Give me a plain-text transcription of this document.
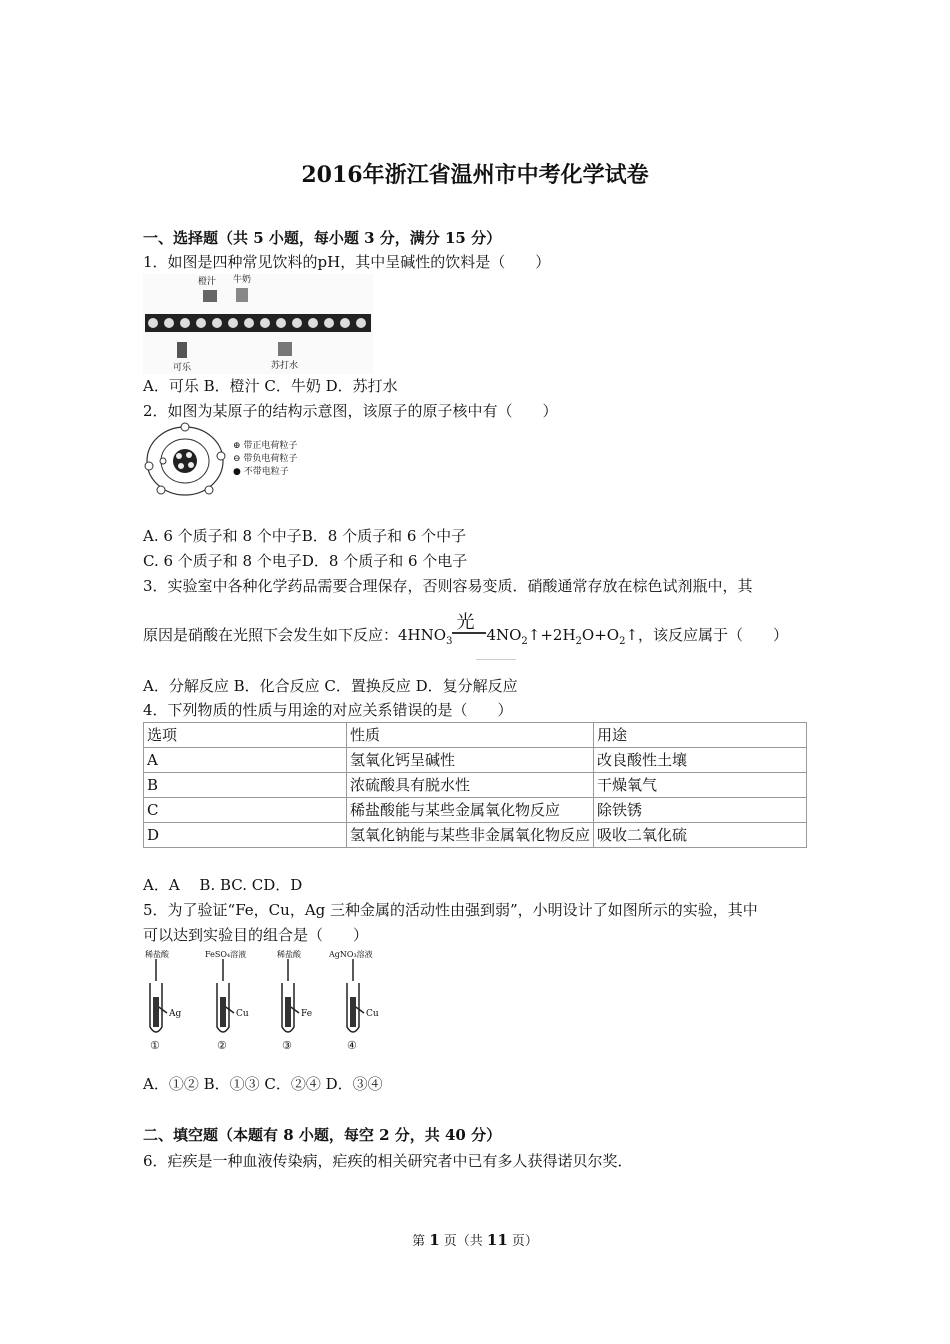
2016年浙江省温州市中考化学试卷
一、选择题（共 5 小题，每小题 3 分，满分 15 分）
1．如图是四种常见饮料的pH，其中呈碱性的饮料是（　　）
橙汁 牛奶
可乐	苏打水
A．可乐 B．橙汁 C．牛奶 D．苏打水
2．如图为某原子的结构示意图，该原子的原子核中有（　　）
⊕ 带正电荷粒子
⊖ 带负电荷粒子
● 不带电粒子
A. 6 个质子和 8 个中子B．8 个质子和 6 个中子
C. 6 个质子和 8 个电子D．8 个质子和 6 个电子
3．实验室中各种化学药品需要合理保存，否则容易变质．硝酸通常存放在棕色试剂瓶中，其
原因是硝酸在光照下会发生如下反应：$4HNO_3$
光
$4NO_2↑+2H_2O+O_2↑$，该反应属于（　　）
A．分解反应 B．化合反应 C．置换反应 D．复分解反应
4．下列物质的性质与用途的对应关系错误的是（　　）
选项	性质	用途
A	氢氧化钙呈碱性	改良酸性土壤
B	浓硫酸具有脱水性	干燥氧气
C	稀盐酸能与某些金属氧化物反应	除铁锈
D	氢氧化钠能与某些非金属氧化物反应	吸收二氧化硫
A．A　 B. BC. CD．D
5．为了验证“Fe，Cu，Ag 三种金属的活动性由强到弱”，小明设计了如图所示的实验，其中
可以达到实验目的组合是（　　）
稀盐酸	FeSO₄溶液	稀盐酸	AgNO₃溶液
Ag	Cu	Fe	Cu
①	②	③	④
A．①② B．①③ C．②④ D．③④
二、填空题（本题有 8 小题，每空 2 分，共 40 分）
6．疟疾是一种血液传染病，疟疾的相关研究者中已有多人获得诺贝尔奖．
第 1 页（共 11 页）
